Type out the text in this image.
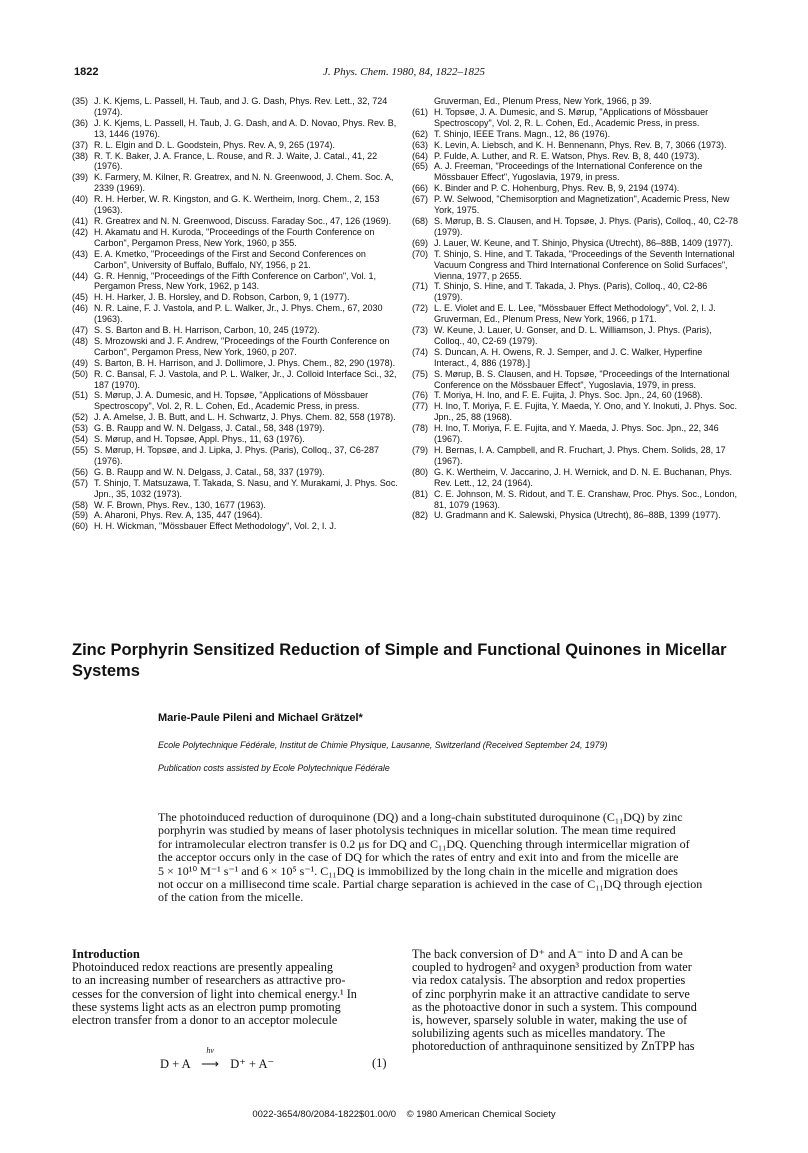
J. Phys. Chem. 1980, 84, 1822–1825
1822
(35) J. K. Kjems, L. Passell, H. Taub, and J. G. Dash, Phys. Rev. Lett., 32, 724 (1974).
(36) J. K. Kjems, L. Passell, H. Taub, J. G. Dash, and A. D. Novao, Phys. Rev. B, 13, 1446 (1976).
(37) R. L. Elgin and D. L. Goodstein, Phys. Rev. A, 9, 265 (1974).
(38) R. T. K. Baker, J. A. France, L. Rouse, and R. J. Waite, J. Catal., 41, 22 (1976).
(39) K. Farmery, M. Kilner, R. Greatrex, and N. N. Greenwood, J. Chem. Soc. A, 2339 (1969).
(40) R. H. Herber, W. R. Kingston, and G. K. Wertheim, Inorg. Chem., 2, 153 (1963).
(41) R. Greatrex and N. N. Greenwood, Discuss. Faraday Soc., 47, 126 (1969).
(42) H. Akamatu and H. Kuroda, "Proceedings of the Fourth Conference on Carbon", Pergamon Press, New York, 1960, p 355.
(43) E. A. Kmetko, "Proceedings of the First and Second Conferences on Carbon", University of Buffalo, Buffalo, NY, 1956, p 21.
(44) G. R. Hennig, "Proceedings of the Fifth Conference on Carbon", Vol. 1, Pergamon Press, New York, 1962, p 143.
(45) H. H. Harker, J. B. Horsley, and D. Robson, Carbon, 9, 1 (1977).
(46) N. R. Laine, F. J. Vastola, and P. L. Walker, Jr., J. Phys. Chem., 67, 2030 (1963).
(47) S. S. Barton and B. H. Harrison, Carbon, 10, 245 (1972).
(48) S. Mrozowski and J. F. Andrew, "Proceedings of the Fourth Conference on Carbon", Pergamon Press, New York, 1960, p 207.
(49) S. Barton, B. H. Harrison, and J. Dollimore, J. Phys. Chem., 82, 290 (1978).
(50) R. C. Bansal, F. J. Vastola, and P. L. Walker, Jr., J. Colloid Interface Sci., 32, 187 (1970).
(51) S. Mørup, J. A. Dumesic, and H. Topsøe, "Applications of Mössbauer Spectroscopy", Vol. 2, R. L. Cohen, Ed., Academic Press, in press.
(52) J. A. Amelse, J. B. Butt, and L. H. Schwartz, J. Phys. Chem. 82, 558 (1978).
(53) G. B. Raupp and W. N. Delgass, J. Catal., 58, 348 (1979).
(54) S. Mørup, and H. Topsøe, Appl. Phys., 11, 63 (1976).
(55) S. Mørup, H. Topsøe, and J. Lipka, J. Phys. (Paris), Colloq., 37, C6-287 (1976).
(56) G. B. Raupp and W. N. Delgass, J. Catal., 58, 337 (1979).
(57) T. Shinjo, T. Matsuzawa, T. Takada, S. Nasu, and Y. Murakami, J. Phys. Soc. Jpn., 35, 1032 (1973).
(58) W. F. Brown, Phys. Rev., 130, 1677 (1963).
(59) A. Aharoni, Phys. Rev. A, 135, 447 (1964).
(60) H. H. Wickman, "Mössbauer Effect Methodology", Vol. 2, I. J.
Gruverman, Ed., Plenum Press, New York, 1966, p 39.
(61) H. Topsøe, J. A. Dumesic, and S. Mørup, "Applications of Mössbauer Spectroscopy", Vol. 2, R. L. Cohen, Ed., Academic Press, in press.
(62) T. Shinjo, IEEE Trans. Magn., 12, 86 (1976).
(63) K. Levin, A. Liebsch, and K. H. Bennenann, Phys. Rev. B, 7, 3066 (1973).
(64) P. Fulde, A. Luther, and R. E. Watson, Phys. Rev. B, 8, 440 (1973).
(65) A. J. Freeman, "Proceedings of the International Conference on the Mössbauer Effect", Yugoslavia, 1979, in press.
(66) K. Binder and P. C. Hohenburg, Phys. Rev. B, 9, 2194 (1974).
(67) P. W. Selwood, "Chemisorption and Magnetization", Academic Press, New York, 1975.
(68) S. Mørup, B. S. Clausen, and H. Topsøe, J. Phys. (Paris), Colloq., 40, C2-78 (1979).
(69) J. Lauer, W. Keune, and T. Shinjo, Physica (Utrecht), 86–88B, 1409 (1977).
(70) T. Shinjo, S. Hine, and T. Takada, "Proceedings of the Seventh International Vacuum Congress and Third International Conference on Solid Surfaces", Vienna, 1977, p 2655.
(71) T. Shinjo, S. Hine, and T. Takada, J. Phys. (Paris), Colloq., 40, C2-86 (1979).
(72) L. E. Violet and E. L. Lee, "Mössbauer Effect Methodology", Vol. 2, I. J. Gruverman, Ed., Plenum Press, New York, 1966, p 171.
(73) W. Keune, J. Lauer, U. Gonser, and D. L. Williamson, J. Phys. (Paris), Colloq., 40, C2-69 (1979).
(74) S. Duncan, A. H. Owens, R. J. Semper, and J. C. Walker, Hyperfine Interact., 4, 886 (1978).]
(75) S. Mørup, B. S. Clausen, and H. Topsøe, "Proceedings of the International Conference on the Mössbauer Effect", Yugoslavia, 1979, in press.
(76) T. Moriya, H. Ino, and F. E. Fujita, J. Phys. Soc. Jpn., 24, 60 (1968).
(77) H. Ino, T. Moriya, F. E. Fujita, Y. Maeda, Y. Ono, and Y. Inokuti, J. Phys. Soc. Jpn., 25, 88 (1968).
(78) H. Ino, T. Moriya, F. E. Fujita, and Y. Maeda, J. Phys. Soc. Jpn., 22, 346 (1967).
(79) H. Bernas, I. A. Campbell, and R. Fruchart, J. Phys. Chem. Solids, 28, 17 (1967).
(80) G. K. Wertheim, V. Jaccarino, J. H. Wernick, and D. N. E. Buchanan, Phys. Rev. Lett., 12, 24 (1964).
(81) C. E. Johnson, M. S. Ridout, and T. E. Cranshaw, Proc. Phys. Soc., London, 81, 1079 (1963).
(82) U. Gradmann and K. Salewski, Physica (Utrecht), 86–88B, 1399 (1977).
Zinc Porphyrin Sensitized Reduction of Simple and Functional Quinones in Micellar Systems
Marie-Paule Pileni and Michael Grätzel*
Ecole Polytechnique Fédérale, Institut de Chimie Physique, Lausanne, Switzerland (Received September 24, 1979)
Publication costs assisted by Ecole Polytechnique Fédérale
The photoinduced reduction of duroquinone (DQ) and a long-chain substituted duroquinone (C₁₁DQ) by zinc
porphyrin was studied by means of laser photolysis techniques in micellar solution. The mean time required
for intramolecular electron transfer is 0.2 μs for DQ and C₁₁DQ. Quenching through intermicellar migration of
the acceptor occurs only in the case of DQ for which the rates of entry and exit into and from the micelle are
5 × 10¹⁰ M⁻¹ s⁻¹ and 6 × 10⁵ s⁻¹. C₁₁DQ is immobilized by the long chain in the micelle and migration does
not occur on a millisecond time scale. Partial charge separation is achieved in the case of C₁₁DQ through ejection
of the cation from the micelle.
Introduction
Photoinduced redox reactions are presently appealing
to an increasing number of researchers as attractive pro-
cesses for the conversion of light into chemical energy.¹ In
these systems light acts as an electron pump promoting
electron transfer from a donor to an acceptor molecule
D + A
hν
⟶ D⁺ + A⁻	(1)
The back conversion of D⁺ and A⁻ into D and A can be
coupled to hydrogen² and oxygen³ production from water
via redox catalysis. The absorption and redox properties
of zinc porphyrin make it an attractive candidate to serve
as the photoactive donor in such a system. This compound
is, however, sparsely soluble in water, making the use of
solubilizing agents such as micelles mandatory. The
photoreduction of anthraquinone sensitized by ZnTPP has
0022-3654/80/2084-1822$01.00/0 © 1980 American Chemical Society
